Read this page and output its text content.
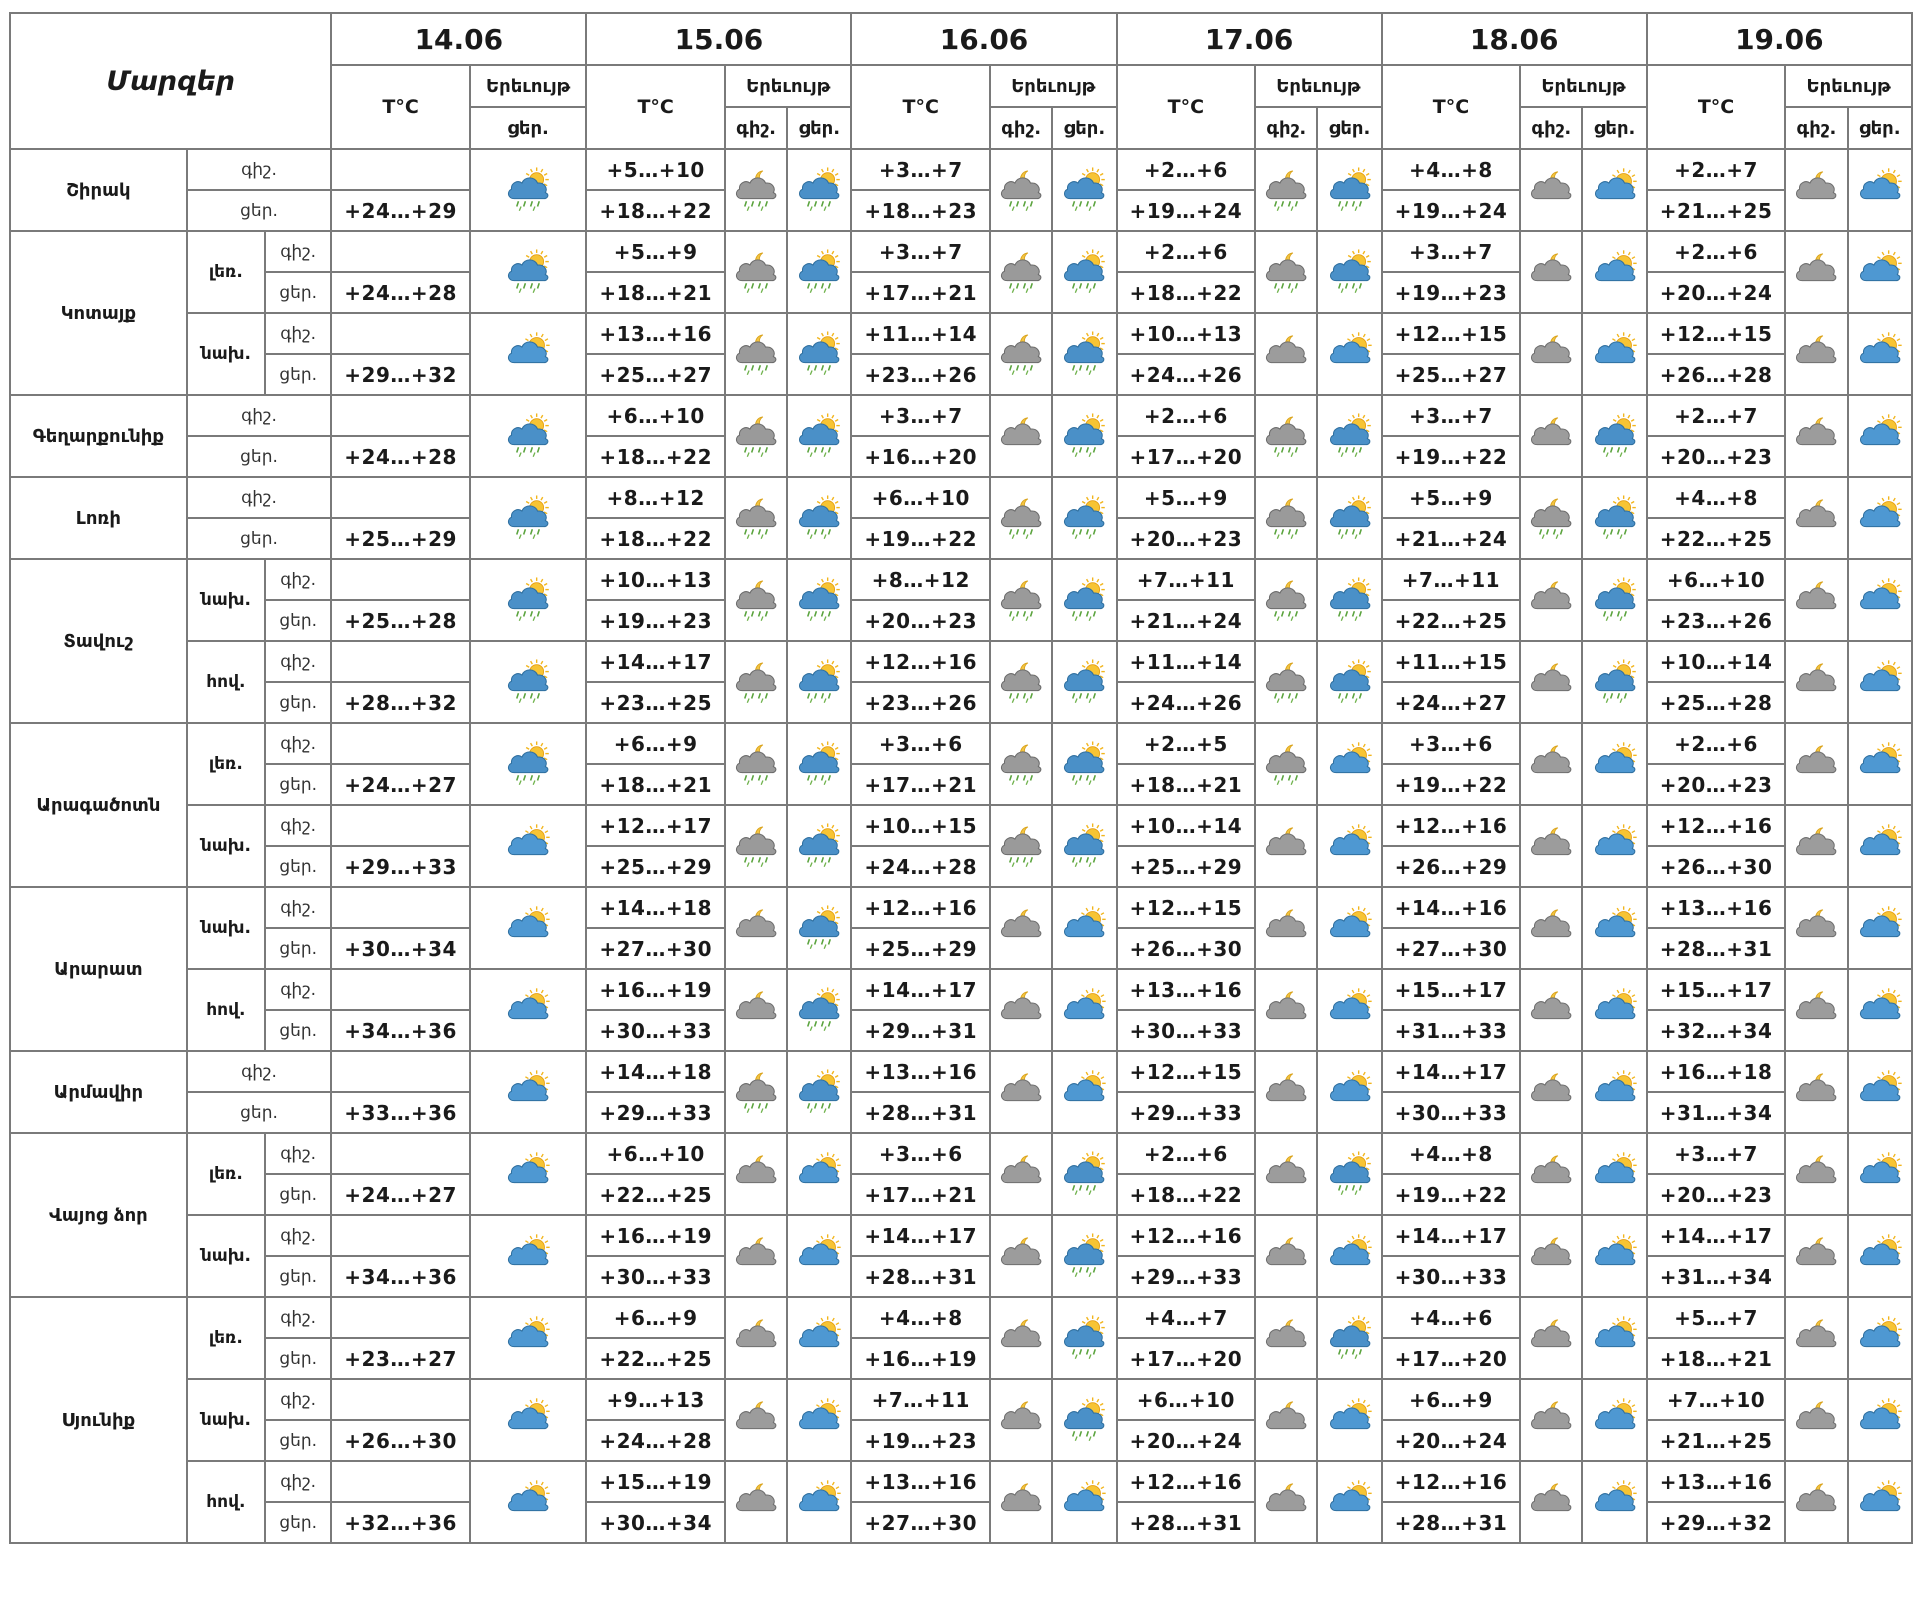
Մարզեր			14.06		15.06			16.06			17.06			18.06			19.06		
			T°C	Երեւույթ	T°C	Երեւույթ		T°C	Երեւույթ		T°C	Երեւույթ		T°C	Երեւույթ		T°C	Երեւույթ	
				ցեր.		գիշ.	ցեր.		գիշ.	ցեր.		գիշ.	ցեր.		գիշ.	ցեր.		գիշ.	ցեր.
Շիրակ	գիշ.				+5…+10			+3…+7			+2…+6			+4…+8			+2…+7	

	ցեր.		+24…+29		+18…+22			+18…+23			+19…+24			+19…+24			+21…+25		
Կոտայք	լեռ.	գիշ.			+5…+9			+3…+7			+2…+6			+3…+7			+2…+6	

		ցեր.	+24…+28		+18…+21			+17…+21			+18…+22			+19…+23			+20…+24		
	նախ.	գիշ.			+13…+16			+11…+14			+10…+13			+12…+15			+12…+15	

		ցեր.	+29…+32		+25…+27			+23…+26			+24…+26			+25…+27			+26…+28		
Գեղարքունիք	գիշ.				+6…+10			+3…+7			+2…+6			+3…+7			+2…+7	

	ցեր.		+24…+28		+18…+22			+16…+20			+17…+20			+19…+22			+20…+23		
Լոռի	գիշ.				+8…+12			+6…+10			+5…+9			+5…+9			+4…+8	

	ցեր.		+25…+29		+18…+22			+19…+22			+20…+23			+21…+24			+22…+25		
Տավուշ	նախ.	գիշ.			+10…+13			+8…+12			+7…+11			+7…+11			+6…+10	

		ցեր.	+25…+28		+19…+23			+20…+23			+21…+24			+22…+25			+23…+26		
	հով.	գիշ.			+14…+17			+12…+16			+11…+14			+11…+15			+10…+14	

		ցեր.	+28…+32		+23…+25			+23…+26			+24…+26			+24…+27			+25…+28		
Արագածոտն	լեռ.	գիշ.			+6…+9			+3…+6			+2…+5			+3…+6			+2…+6	

		ցեր.	+24…+27		+18…+21			+17…+21			+18…+21			+19…+22			+20…+23		
	նախ.	գիշ.			+12…+17			+10…+15			+10…+14			+12…+16			+12…+16	

		ցեր.	+29…+33		+25…+29			+24…+28			+25…+29			+26…+29			+26…+30		
Արարատ	նախ.	գիշ.			+14…+18			+12…+16			+12…+15			+14…+16			+13…+16	

		ցեր.	+30…+34		+27…+30			+25…+29			+26…+30			+27…+30			+28…+31		
	հով.	գիշ.			+16…+19			+14…+17			+13…+16			+15…+17			+15…+17	

		ցեր.	+34…+36		+30…+33			+29…+31			+30…+33			+31…+33			+32…+34		
Արմավիր	գիշ.				+14…+18			+13…+16			+12…+15			+14…+17			+16…+18	

	ցեր.		+33…+36		+29…+33			+28…+31			+29…+33			+30…+33			+31…+34		
Վայոց ձոր	լեռ.	գիշ.			+6…+10			+3…+6			+2…+6			+4…+8			+3…+7	

		ցեր.	+24…+27		+22…+25			+17…+21			+18…+22			+19…+22			+20…+23		
	նախ.	գիշ.			+16…+19			+14…+17			+12…+16			+14…+17			+14…+17	

		ցեր.	+34…+36		+30…+33			+28…+31			+29…+33			+30…+33			+31…+34		
Սյունիք	լեռ.	գիշ.			+6…+9			+4…+8			+4…+7			+4…+6			+5…+7	

		ցեր.	+23…+27		+22…+25			+16…+19			+17…+20			+17…+20			+18…+21		
	նախ.	գիշ.			+9…+13			+7…+11			+6…+10			+6…+9			+7…+10	

		ցեր.	+26…+30		+24…+28			+19…+23			+20…+24			+20…+24			+21…+25		
	հով.	գիշ.			+15…+19			+13…+16			+12…+16			+12…+16			+13…+16	

		ցեր.	+32…+36		+30…+34			+27…+30			+28…+31			+28…+31			+29…+32		
